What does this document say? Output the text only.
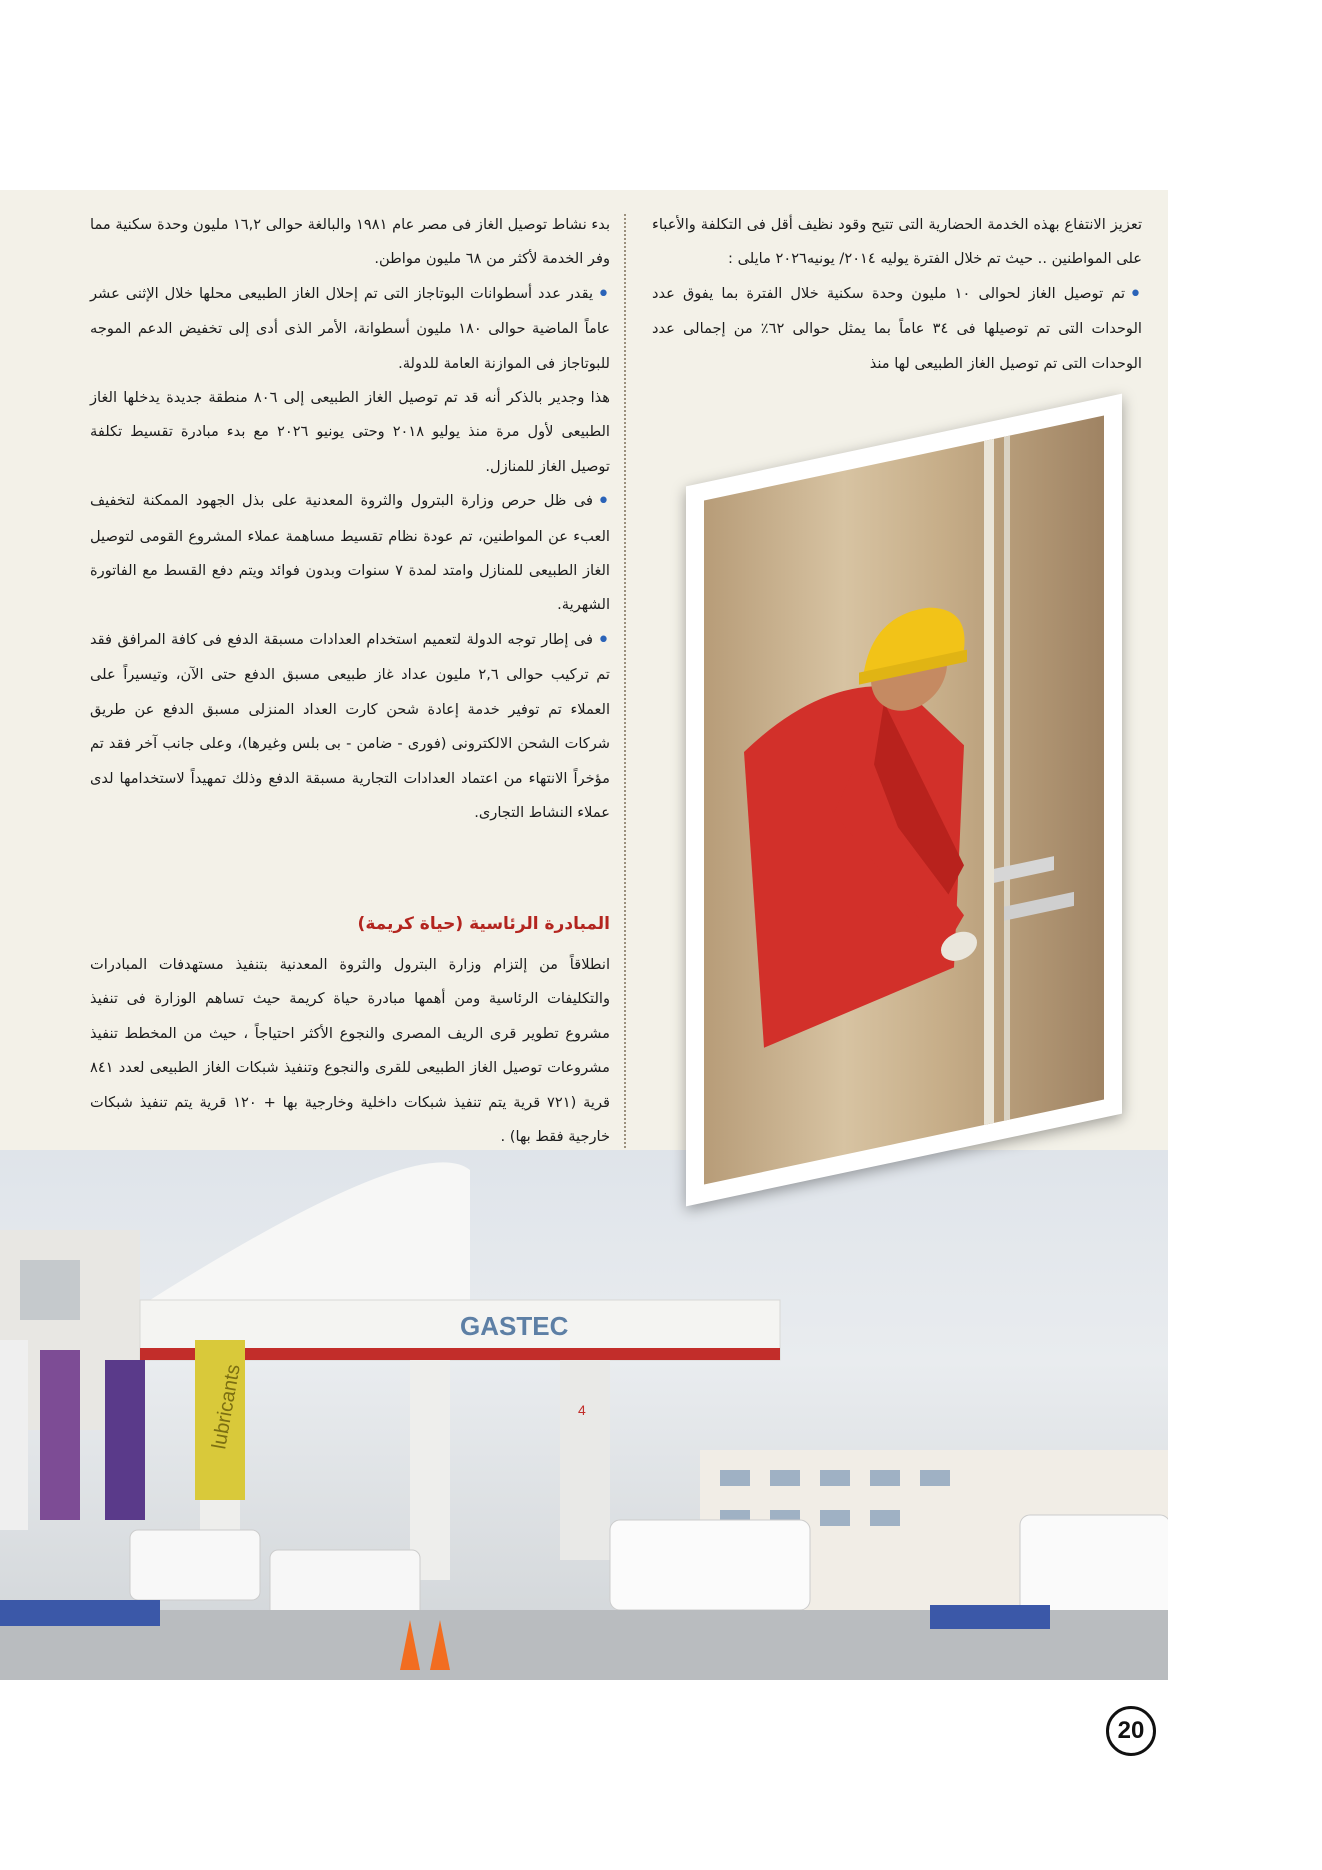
تعزيز الانتفاع بهذه الخدمة الحضارية التى تتيح وقود نظيف أقل فى التكلفة والأعباء على المواطنين .. حيث تم خلال الفترة يوليه ٢٠١٤/ يونيه٢٠٢٦ مايلى :

• تم توصيل الغاز لحوالى ١٠ مليون وحدة سكنية خلال الفترة بما يفوق عدد الوحدات التى تم توصيلها فى ٣٤ عاماً بما يمثل حوالى ٦٢٪ من إجمالى عدد الوحدات التى تم توصيل الغاز الطبيعى لها منذ

بدء نشاط توصيل الغاز فى مصر عام ١٩٨١ والبالغة حوالى ١٦,٢ مليون وحدة سكنية مما وفر الخدمة لأكثر من ٦٨ مليون مواطن.

• يقدر عدد أسطوانات البوتاجاز التى تم إحلال الغاز الطبيعى محلها خلال الإثنى عشر عاماً الماضية حوالى ١٨٠ مليون أسطوانة، الأمر الذى أدى إلى تخفيض الدعم الموجه للبوتاجاز فى الموازنة العامة للدولة.

هذا وجدير بالذكر أنه قد تم توصيل الغاز الطبيعى إلى ٨٠٦ منطقة جديدة يدخلها الغاز الطبيعى لأول مرة منذ يوليو ٢٠١٨ وحتى يونيو ٢٠٢٦ مع بدء مبادرة تقسيط تكلفة توصيل الغاز للمنازل.

• فى ظل حرص وزارة البترول والثروة المعدنية على بذل الجهود الممكنة لتخفيف العبء عن المواطنين، تم عودة نظام تقسيط مساهمة عملاء المشروع القومى لتوصيل الغاز الطبيعى للمنازل وامتد لمدة ٧ سنوات وبدون فوائد ويتم دفع القسط مع الفاتورة الشهرية.

• فى إطار توجه الدولة لتعميم استخدام العدادات مسبقة الدفع فى كافة المرافق فقد تم تركيب حوالى ٢,٦ مليون عداد غاز طبيعى مسبق الدفع حتى الآن، وتيسيراً على العملاء تم توفير خدمة إعادة شحن كارت العداد المنزلى مسبق الدفع عن طريق شركات الشحن الالكترونى (فورى - ضامن - بى بلس وغيرها)، وعلى جانب آخر فقد تم مؤخراً الانتهاء من اعتماد العدادات التجارية مسبقة الدفع وذلك تمهيداً لاستخدامها لدى عملاء النشاط التجارى.

المبادرة الرئاسية (حياة كريمة)

انطلاقاً من إلتزام وزارة البترول والثروة المعدنية بتنفيذ مستهدفات المبادرات والتكليفات الرئاسية ومن أهمها مبادرة حياة كريمة حيث تساهم الوزارة فى تنفيذ مشروع تطوير قرى الريف المصرى والنجوع الأكثر احتياجاً ، حيث من المخطط تنفيذ مشروعات توصيل الغاز الطبيعى للقرى والنجوع وتنفيذ شبكات الغاز الطبيعى لعدد ٨٤١ قرية (٧٢١ قرية يتم تنفيذ شبكات داخلية وخارجية بها + ١٢٠ قرية يتم تنفيذ شبكات خارجية فقط بها) .

GASTEC
4
lubricants
20
